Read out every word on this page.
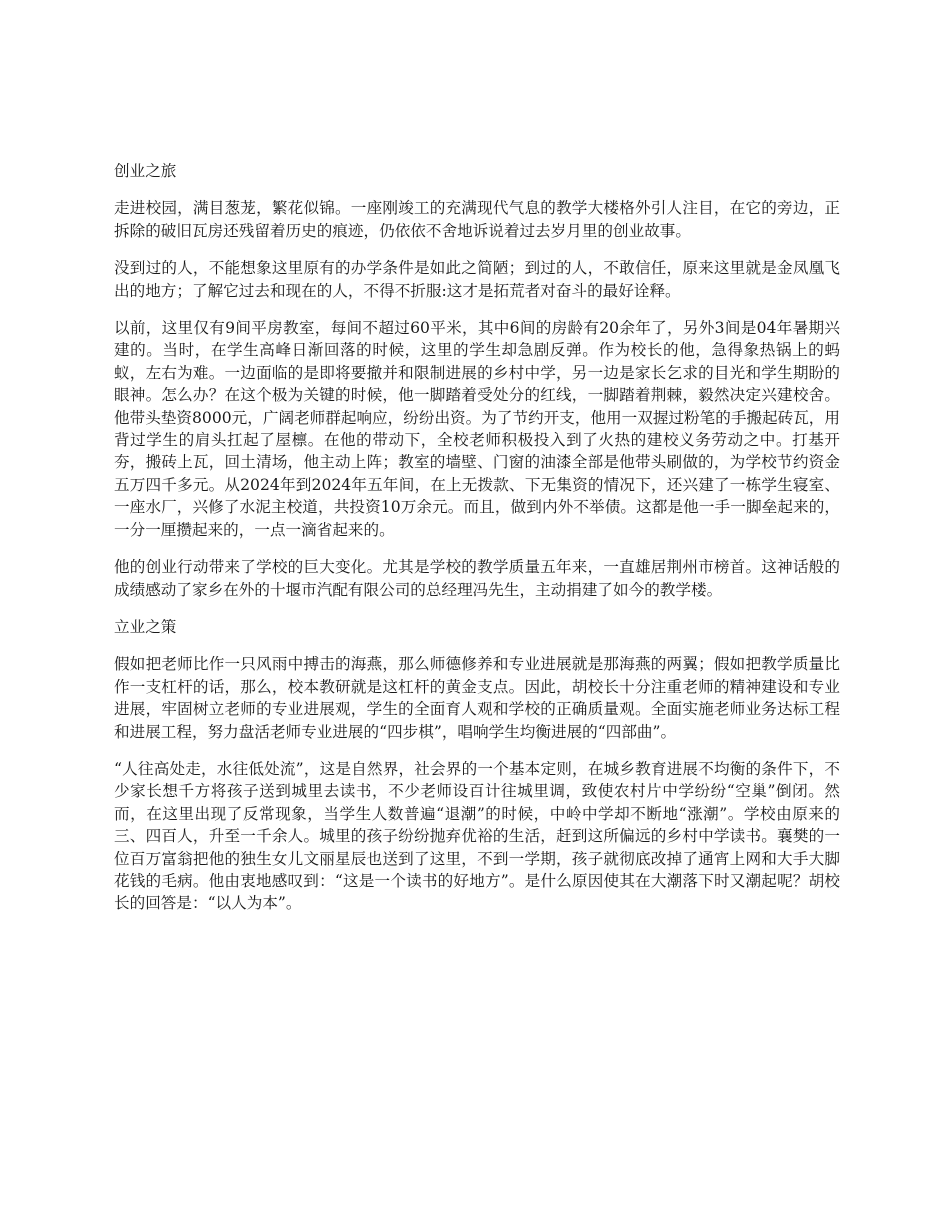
创业之旅

走进校园，满目葱茏，繁花似锦。一座刚竣工的充满现代气息的教学大楼格外引人注目，在它的旁边，正拆除的破旧瓦房还残留着历史的痕迹，仍依依不舍地诉说着过去岁月里的创业故事。

没到过的人，不能想象这里原有的办学条件是如此之简陋；到过的人，不敢信任，原来这里就是金凤凰飞出的地方；了解它过去和现在的人，不得不折服:这才是拓荒者对奋斗的最好诠释。

以前，这里仅有9间平房教室，每间不超过60平米，其中6间的房龄有20余年了，另外3间是04年暑期兴建的。当时，在学生高峰日渐回落的时候，这里的学生却急剧反弹。作为校长的他，急得象热锅上的蚂蚁，左右为难。一边面临的是即将要撤并和限制进展的乡村中学，另一边是家长乞求的目光和学生期盼的眼神。怎么办？在这个极为关键的时候，他一脚踏着受处分的红线，一脚踏着荆棘，毅然决定兴建校舍。他带头垫资8000元，广阔老师群起响应，纷纷出资。为了节约开支，他用一双握过粉笔的手搬起砖瓦，用背过学生的肩头扛起了屋檩。在他的带动下，全校老师积极投入到了火热的建校义务劳动之中。打基开夯，搬砖上瓦，回土清场，他主动上阵；教室的墙壁、门窗的油漆全部是他带头刷做的，为学校节约资金五万四千多元。从2024年到2024年五年间，在上无拨款、下无集资的情况下，还兴建了一栋学生寝室、一座水厂，兴修了水泥主校道，共投资10万余元。而且，做到内外不举债。这都是他一手一脚垒起来的，一分一厘攒起来的，一点一滴省起来的。

他的创业行动带来了学校的巨大变化。尤其是学校的教学质量五年来，一直雄居荆州市榜首。这神话般的成绩感动了家乡在外的十堰市汽配有限公司的总经理冯先生，主动捐建了如今的教学楼。

立业之策

假如把老师比作一只风雨中搏击的海燕，那么师德修养和专业进展就是那海燕的两翼；假如把教学质量比作一支杠杆的话，那么，校本教研就是这杠杆的黄金支点。因此，胡校长十分注重老师的精神建设和专业进展，牢固树立老师的专业进展观，学生的全面育人观和学校的正确质量观。全面实施老师业务达标工程和进展工程，努力盘活老师专业进展的“四步棋”，唱响学生均衡进展的“四部曲”。

“人往高处走，水往低处流”，这是自然界，社会界的一个基本定则，在城乡教育进展不均衡的条件下，不少家长想千方将孩子送到城里去读书，不少老师设百计往城里调，致使农村片中学纷纷“空巢”倒闭。然而，在这里出现了反常现象，当学生人数普遍“退潮”的时候，中岭中学却不断地“涨潮”。学校由原来的三、四百人，升至一千余人。城里的孩子纷纷抛弃优裕的生活，赶到这所偏远的乡村中学读书。襄樊的一位百万富翁把他的独生女儿文丽星辰也送到了这里，不到一学期，孩子就彻底改掉了通宵上网和大手大脚花钱的毛病。他由衷地感叹到：“这是一个读书的好地方”。是什么原因使其在大潮落下时又潮起呢？胡校长的回答是：“以人为本”。
